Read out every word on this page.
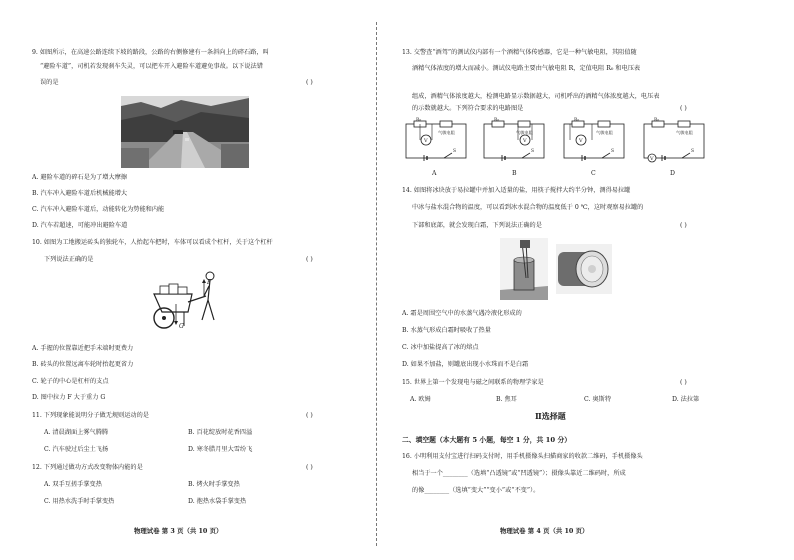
9. 如图所示，在高速公路连续下坡的路段，公路的右侧修建有一条斜向上的碎石路，叫
“避险车道”，司机若发现刹车失灵，可以把车开入避险车道避免事故。以下说法错
误的是	( )
A. 避险车道的碎石是为了增大摩擦
B. 汽车冲入避险车道后机械能增大
C. 汽车冲入避险车道后，动能转化为势能和内能
D. 汽车若超速，可能冲出避险车道
10. 如图为工地搬运砖头的独轮车，人抬起车把时，车体可以看成个杠杆，关于这个杠杆
下列说法正确的是	( )
F
G
A. 手握的位置靠近把手末端时更费力
B. 砖头的位置远离车轮时抬起更省力
C. 轮子的中心是杠杆的支点
D. 图中拉力 F 大于重力 G
11. 下列现象能说明分子做无规则运动的是	( )
A. 清晨湖面上雾气腾腾	B. 百花绽放时花香四溢
C. 汽车驶过后尘土飞扬	D. 寒冬腊月里大雪纷飞
12. 下列通过做功方式改变物体内能的是	( )
A. 双手互搓手掌变热	B. 烤火时手掌变热
C. 用热水洗手时手掌变热	D. 抱热水袋手掌变热
物理试卷 第 3 页（共 10 页）
13. 交警查“酒驾”的测试仪内部有一个酒精气体传感器，它是一种气敏电阻，其阻值随
酒精气体浓度的增大而减小。测试仪电路主要由气敏电阻 R，定值电阻 R₀ 和电压表
组成，酒精气体浓度越大，检测电路显示数据越大，司机呼出的酒精气体浓度越大，电压表
的示数就越大。下列符合要求的电路图是	( )
R₀
气敏电阻
V
S
R₀
气敏电阻
V
S
R₀
气敏电阻
V
S
R₀
气敏电阻
V
S
A	B	C	D
14. 如图将冰块放于易拉罐中并加入适量的盐，用筷子搅拌大约半分钟，测得易拉罐
中冰与盐水混合物的温度，可以看到冰水混合物的温度低于 0 ℃，这时观察易拉罐的
下部和底部，就会发现白霜，下列说法正确的是	( )
A. 霜是周围空气中的水蒸气遇冷液化形成的
B. 水蒸气形成白霜时吸收了热量
C. 冰中加盐提高了冰的熔点
D. 如果不加盐，则罐底出现小水珠而不是白霜
15. 世界上第一个发现电与磁之间联系的物理学家是	( )
A. 欧姆	B. 焦耳	C. 奥斯特	D. 法拉第
Ⅱ选择题
二、填空题（本大题有 5 小题，每空 1 分，共 10 分）
16. 小明利用支付宝进行扫码支付时，用手机摄像头扫描商家的收款二维码，手机摄像头
相当于一个________（选填“凸透镜”或“凹透镜”）；摄像头靠近二维码时，所成
的像________（选填“变大”“变小”或“不变”）。
物理试卷 第 4 页（共 10 页）
